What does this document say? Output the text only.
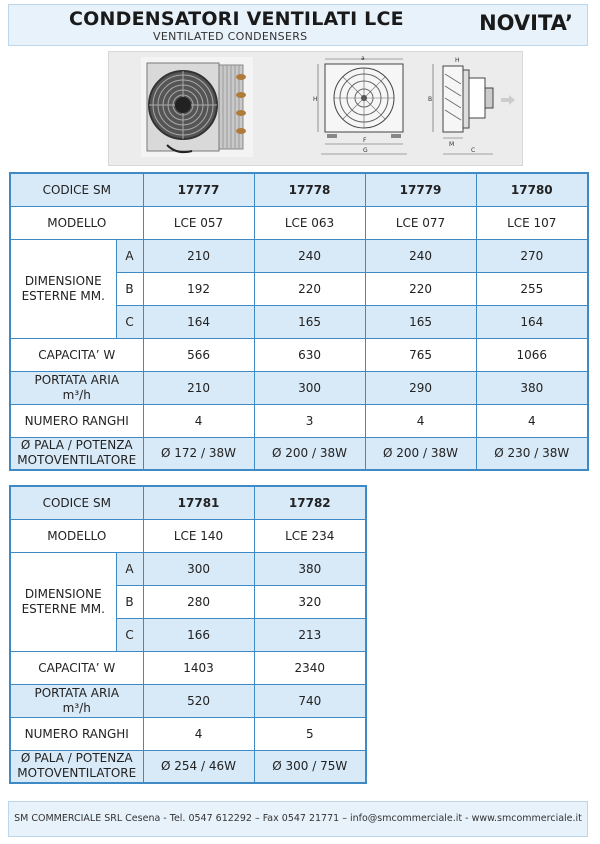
CONDENSATORI VENTILATI LCE
VENTILATED CONDENSERS
NOVITA’
a
H
F
G
B
H
M
C
CODICE SM		17777	17778	17779	17780
MODELLO		LCE 057	LCE 063	LCE 077	LCE 107
DIMENSIONE
ESTERNE MM.	A	210	240	240	270
	B	192	220	220	255
	C	164	165	165	164
CAPACITA’ W		566	630	765	1066
PORTATA ARIA
m³/h		210	300	290	380
NUMERO RANGHI		4	3	4	4
Ø PALA / POTENZA
MOTOVENTILATORE		Ø 172 / 38W	Ø 200 / 38W	Ø 200 / 38W	Ø 230 / 38W
CODICE SM		17781	17782
MODELLO		LCE 140	LCE 234
DIMENSIONE
ESTERNE MM.	A	300	380
	B	280	320
	C	166	213
CAPACITA’ W		1403	2340
PORTATA ARIA
m³/h		520	740
NUMERO RANGHI		4	5
Ø PALA / POTENZA
MOTOVENTILATORE		Ø 254 / 46W	Ø 300 / 75W
SM COMMERCIALE SRL Cesena - Tel. 0547 612292 – Fax 0547 21771 – info@smcommerciale.it - www.smcommerciale.it
